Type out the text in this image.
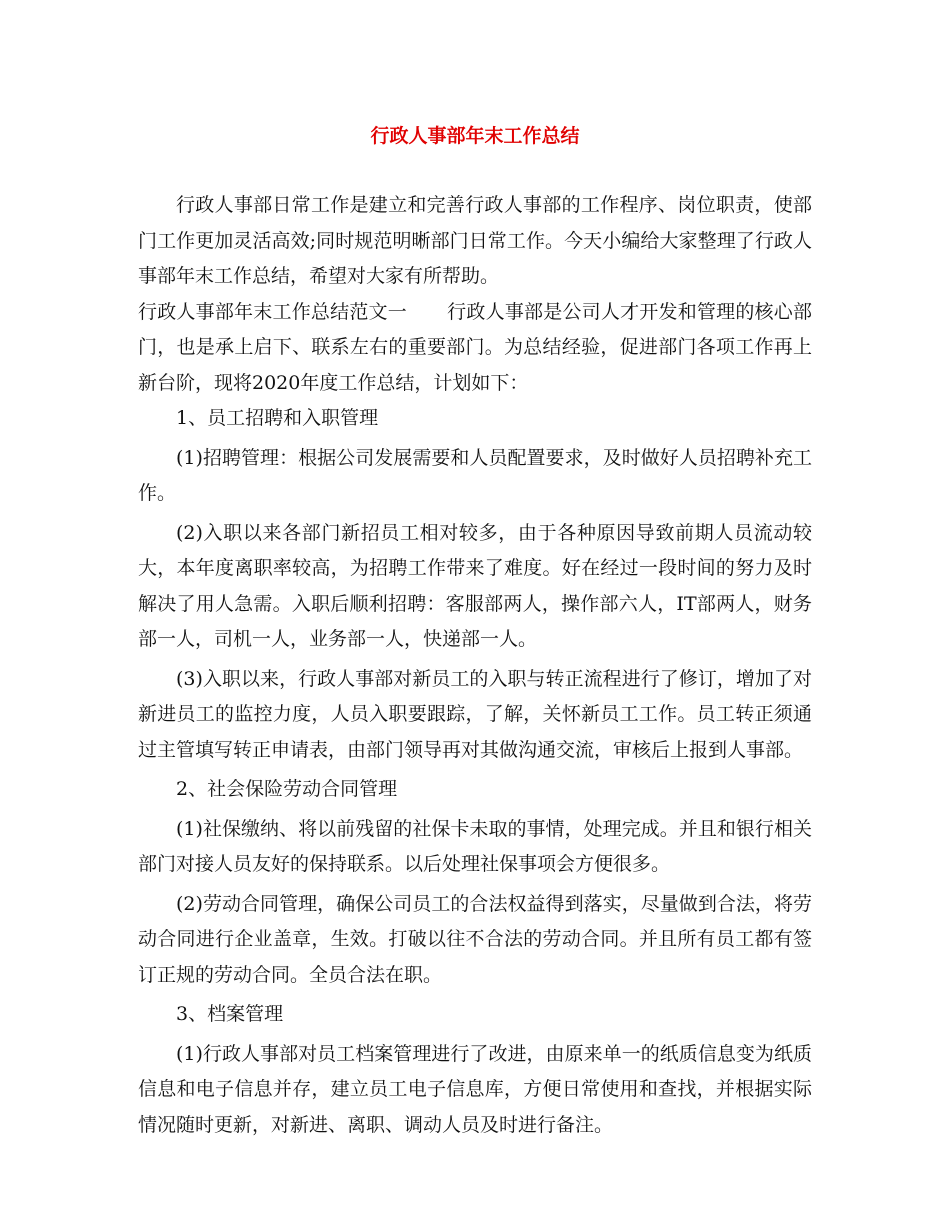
行政人事部年末工作总结

行政人事部日常工作是建立和完善行政人事部的工作程序、岗位职责，使部门工作更加灵活高效;同时规范明晰部门日常工作。今天小编给大家整理了行政人事部年末工作总结，希望对大家有所帮助。

行政人事部年末工作总结范文一 行政人事部是公司人才开发和管理的核心部门，也是承上启下、联系左右的重要部门。为总结经验，促进部门各项工作再上新台阶，现将2020年度工作总结，计划如下：

1、员工招聘和入职管理

(1)招聘管理：根据公司发展需要和人员配置要求，及时做好人员招聘补充工作。

(2)入职以来各部门新招员工相对较多，由于各种原因导致前期人员流动较大，本年度离职率较高，为招聘工作带来了难度。好在经过一段时间的努力及时解决了用人急需。入职后顺利招聘：客服部两人，操作部六人，IT部两人，财务部一人，司机一人，业务部一人，快递部一人。

(3)入职以来，行政人事部对新员工的入职与转正流程进行了修订，增加了对新进员工的监控力度，人员入职要跟踪，了解，关怀新员工工作。员工转正须通过主管填写转正申请表，由部门领导再对其做沟通交流，审核后上报到人事部。

2、社会保险劳动合同管理

(1)社保缴纳、将以前残留的社保卡未取的事情，处理完成。并且和银行相关部门对接人员友好的保持联系。以后处理社保事项会方便很多。

(2)劳动合同管理，确保公司员工的合法权益得到落实，尽量做到合法，将劳动合同进行企业盖章，生效。打破以往不合法的劳动合同。并且所有员工都有签订正规的劳动合同。全员合法在职。

3、档案管理

(1)行政人事部对员工档案管理进行了改进，由原来单一的纸质信息变为纸质信息和电子信息并存，建立员工电子信息库，方便日常使用和查找，并根据实际情况随时更新，对新进、离职、调动人员及时进行备注。
